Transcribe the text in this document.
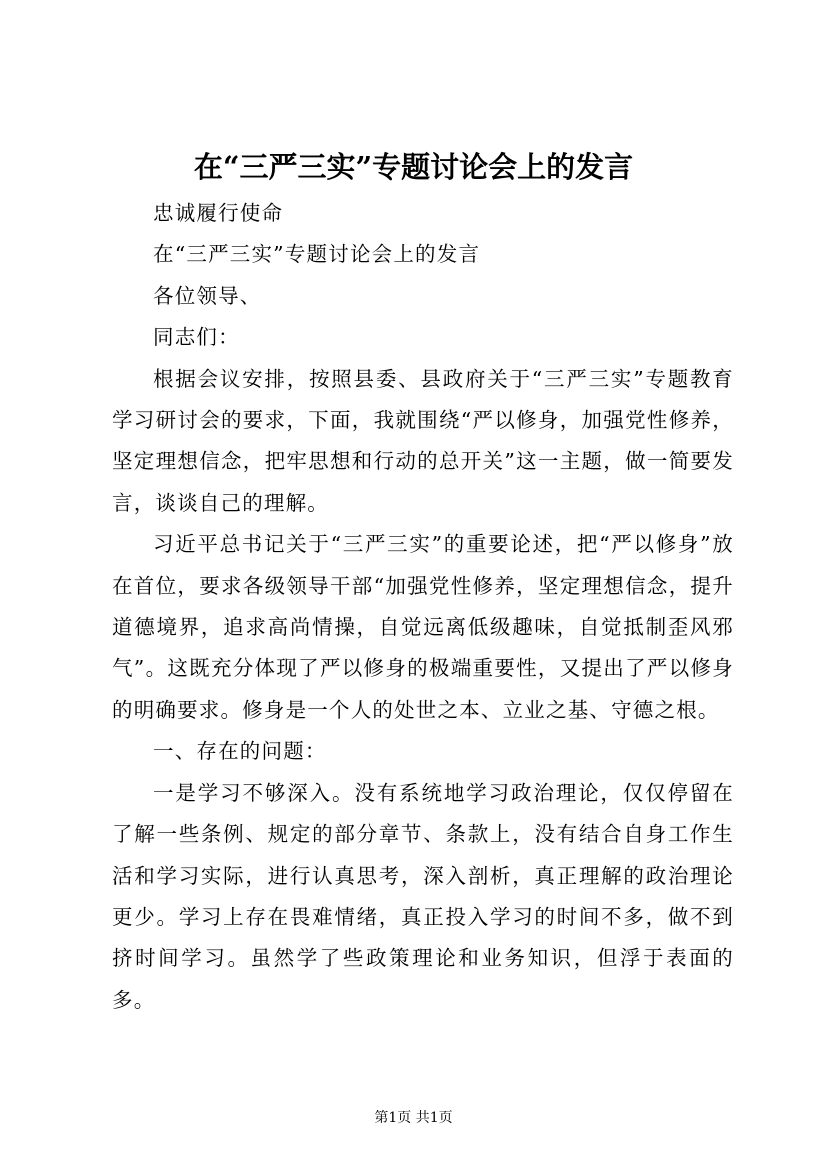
在“三严三实”专题讨论会上的发言

忠诚履行使命

在“三严三实”专题讨论会上的发言

各位领导、

同志们：

根据会议安排，按照县委、县政府关于“三严三实”专题教育学习研讨会的要求，下面，我就围绕“严以修身，加强党性修养，坚定理想信念，把牢思想和行动的总开关”这一主题，做一简要发言，谈谈自己的理解。

习近平总书记关于“三严三实”的重要论述，把“严以修身”放在首位，要求各级领导干部“加强党性修养，坚定理想信念，提升道德境界，追求高尚情操，自觉远离低级趣味，自觉抵制歪风邪气”。这既充分体现了严以修身的极端重要性，又提出了严以修身的明确要求。修身是一个人的处世之本、立业之基、守德之根。

一、存在的问题：

一是学习不够深入。没有系统地学习政治理论，仅仅停留在了解一些条例、规定的部分章节、条款上，没有结合自身工作生活和学习实际，进行认真思考，深入剖析，真正理解的政治理论更少。学习上存在畏难情绪，真正投入学习的时间不多，做不到挤时间学习。虽然学了些政策理论和业务知识，但浮于表面的多。

第1页 共1页
